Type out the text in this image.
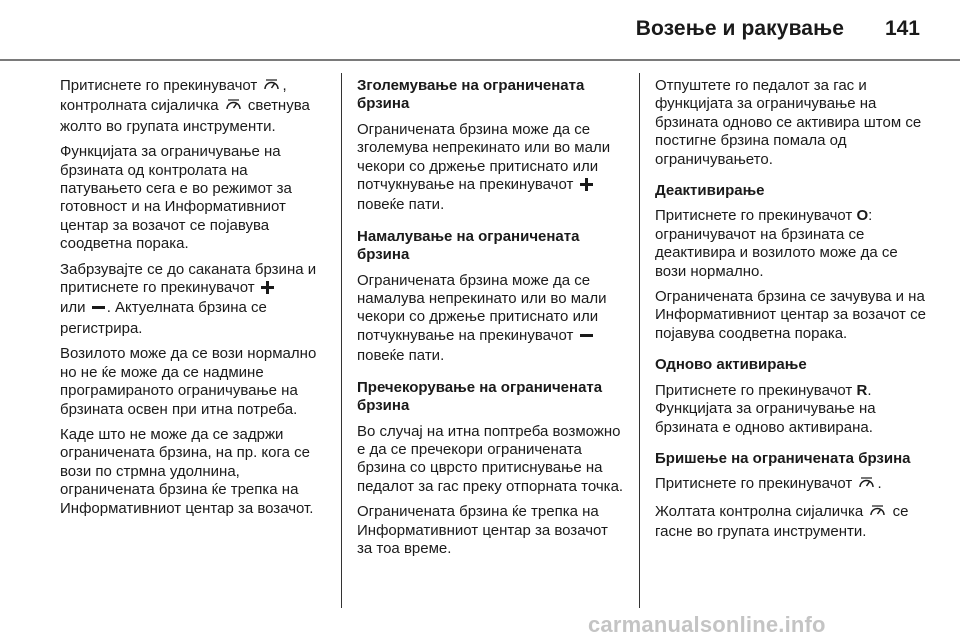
Возење и ракување 141

Притиснете го прекинувачот , контролната сијаличка светнува жолто во групата инструменти.

Функцијата за ограничување на брзината од контролата на патувањето сега е во режимот за готовност и на Информативниот центар за возачот се појавува соодветна порака.

Забрзувајте се до саканата брзина и притиснете го прекинувачот
или . Актуелната брзина се регистрира.

Возилото може да се вози нормално но не ќе може да се надмине програмираното ограничување на брзината освен при итна потреба.

Каде што не може да се задржи ограничената брзина, на пр. кога се вози по стрмна удолнина, ограничената брзина ќе трепка на Информативниот центар за возачот.

Зголемување на ограничената брзина

Ограничената брзина може да се зголемува непрекинато или во мали чекори со држење притиснато или потчукнување на прекинувачот  повеќе пати.

Намалување на ограничената брзина

Ограничената брзина може да се намалува непрекинато или во мали чекори со држење притиснато или потчукнување на прекинувачот
повеќе пати.

Пречекорување на ограничената брзина

Во случај на итна поптреба возможно е да се пречекори ограничената брзина со цврсто притиснување на педалот за гас преку отпорната точка.

Ограничената брзина ќе трепка на Информативниот центар за возачот за тоа време.

Отпуштете го педалот за гас и функцијата за ограничување на брзината одново се активира штом се постигне брзина помала од ограничувањето.

Деактивирање

Притиснете го прекинувачот O: ограничувачот на брзината се деактивира и возилото може да се вози нормално.

Ограничената брзина се зачувува и на Информативниот центар за возачот се појавува соодветна порака.

Одново активирање

Притиснете го прекинувачот R.
Функцијата за ограничување на брзината е одново активирана.

Бришење на ограничената брзина

Притиснете го прекинувачот .

Жолтата контролна сијаличка се гасне во групата инструменти.

carmanualsonline.info
